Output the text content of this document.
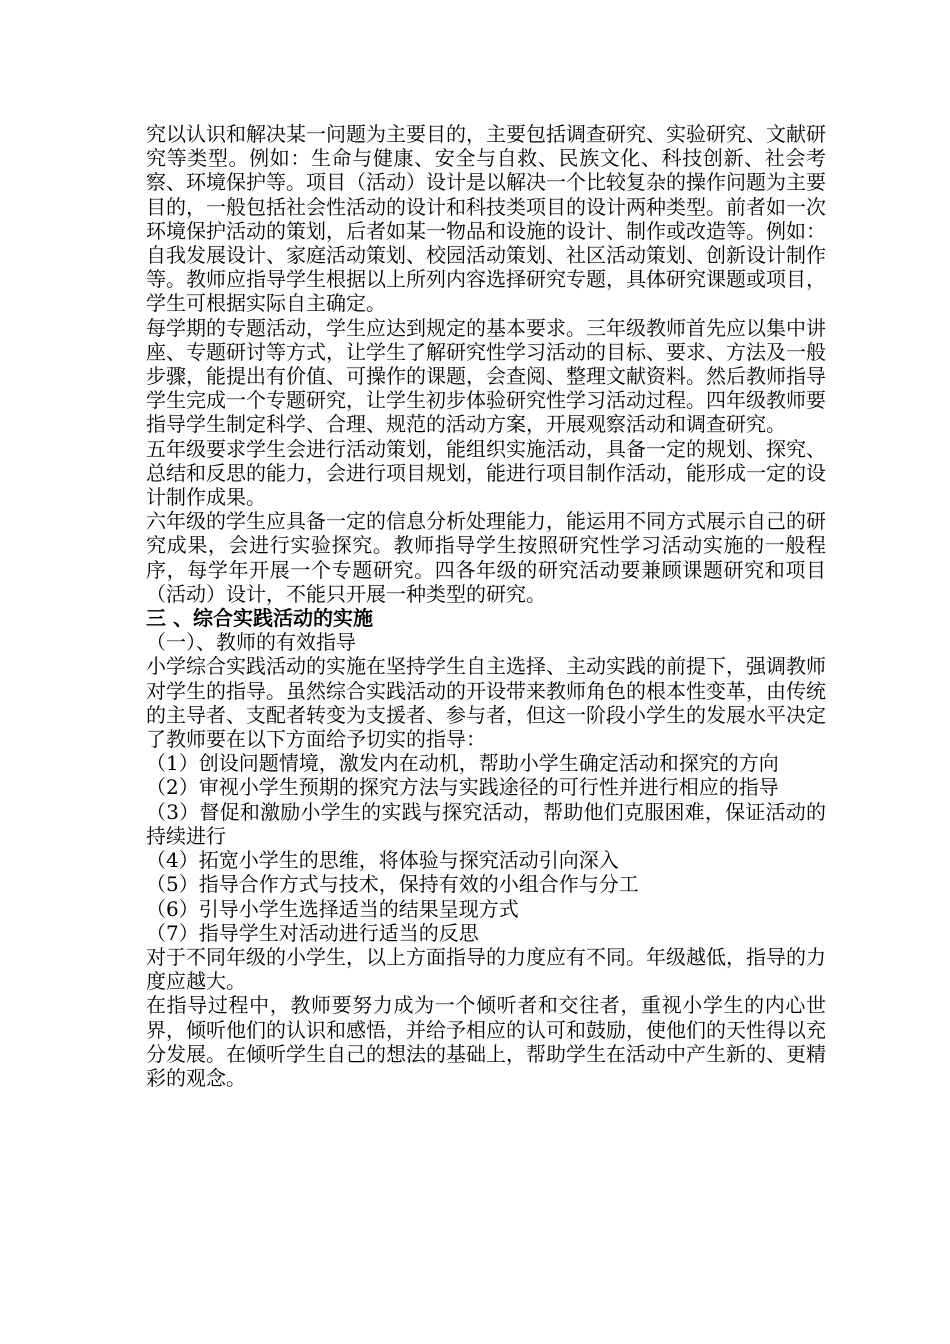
究以认识和解决某一问题为主要目的，主要包括调查研究、实验研究、文献研究等类型。例如：生命与健康、安全与自救、民族文化、科技创新、社会考察、环境保护等。项目（活动）设计是以解决一个比较复杂的操作问题为主要目的，一般包括社会性活动的设计和科技类项目的设计两种类型。前者如一次环境保护活动的策划，后者如某一物品和设施的设计、制作或改造等。例如：自我发展设计、家庭活动策划、校园活动策划、社区活动策划、创新设计制作等。教师应指导学生根据以上所列内容选择研究专题，具体研究课题或项目，学生可根据实际自主确定。

每学期的专题活动，学生应达到规定的基本要求。三年级教师首先应以集中讲座、专题研讨等方式，让学生了解研究性学习活动的目标、要求、方法及一般步骤，能提出有价值、可操作的课题，会查阅、整理文献资料。然后教师指导学生完成一个专题研究，让学生初步体验研究性学习活动过程。四年级教师要指导学生制定科学、合理、规范的活动方案，开展观察活动和调查研究。

五年级要求学生会进行活动策划，能组织实施活动，具备一定的规划、探究、总结和反思的能力，会进行项目规划，能进行项目制作活动，能形成一定的设计制作成果。

六年级的学生应具备一定的信息分析处理能力，能运用不同方式展示自己的研究成果，会进行实验探究。教师指导学生按照研究性学习活动实施的一般程序，每学年开展一个专题研究。四各年级的研究活动要兼顾课题研究和项目（活动）设计，不能只开展一种类型的研究。

三 、综合实践活动的实施

（一）、教师的有效指导

小学综合实践活动的实施在坚持学生自主选择、主动实践的前提下，强调教师对学生的指导。虽然综合实践活动的开设带来教师角色的根本性变革，由传统的主导者、支配者转变为支援者、参与者，但这一阶段小学生的发展水平决定了教师要在以下方面给予切实的指导：

（1）创设问题情境，激发内在动机，帮助小学生确定活动和探究的方向

（2）审视小学生预期的探究方法与实践途径的可行性并进行相应的指导

（3）督促和激励小学生的实践与探究活动，帮助他们克服困难，保证活动的持续进行

（4）拓宽小学生的思维，将体验与探究活动引向深入

（5）指导合作方式与技术，保持有效的小组合作与分工

（6）引导小学生选择适当的结果呈现方式

（7）指导学生对活动进行适当的反思

对于不同年级的小学生，以上方面指导的力度应有不同。年级越低，指导的力度应越大。

在指导过程中，教师要努力成为一个倾听者和交往者，重视小学生的内心世界，倾听他们的认识和感悟，并给予相应的认可和鼓励，使他们的天性得以充分发展。在倾听学生自己的想法的基础上，帮助学生在活动中产生新的、更精彩的观念。
